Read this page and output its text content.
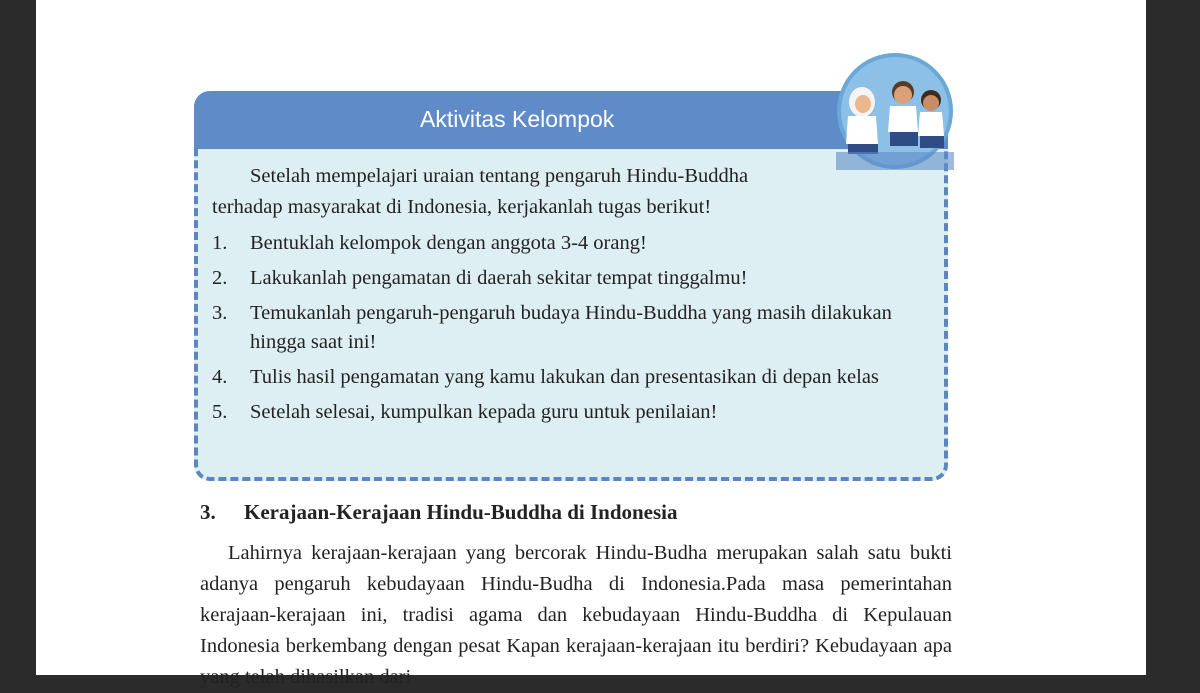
Aktivitas Kelompok

Setelah mempelajari uraian tentang pengaruh Hindu-Buddha

terhadap masyarakat di Indonesia, kerjakanlah tugas berikut!

1.	Bentuklah kelompok dengan anggota 3-4 orang!
2.	Lakukanlah pengamatan di daerah sekitar tempat tinggalmu!
3.	Temukanlah pengaruh-pengaruh budaya Hindu-Buddha yang masih dilakukan hingga saat ini!
4.	Tulis hasil pengamatan yang kamu lakukan dan presentasikan di depan kelas
5.	Setelah selesai, kumpulkan kepada guru untuk penilaian!
3.	Kerajaan-Kerajaan Hindu-Buddha di Indonesia

Lahirnya kerajaan-kerajaan yang bercorak Hindu-Budha merupakan salah satu bukti adanya pengaruh kebudayaan Hindu-Budha di Indonesia.Pada masa pemerintahan kerajaan-kerajaan ini, tradisi agama dan kebudayaan Hindu-Buddha di Kepulauan Indonesia berkembang dengan pesat Kapan kerajaan-kerajaan itu berdiri? Kebudayaan apa yang telah dihasilkan dari
